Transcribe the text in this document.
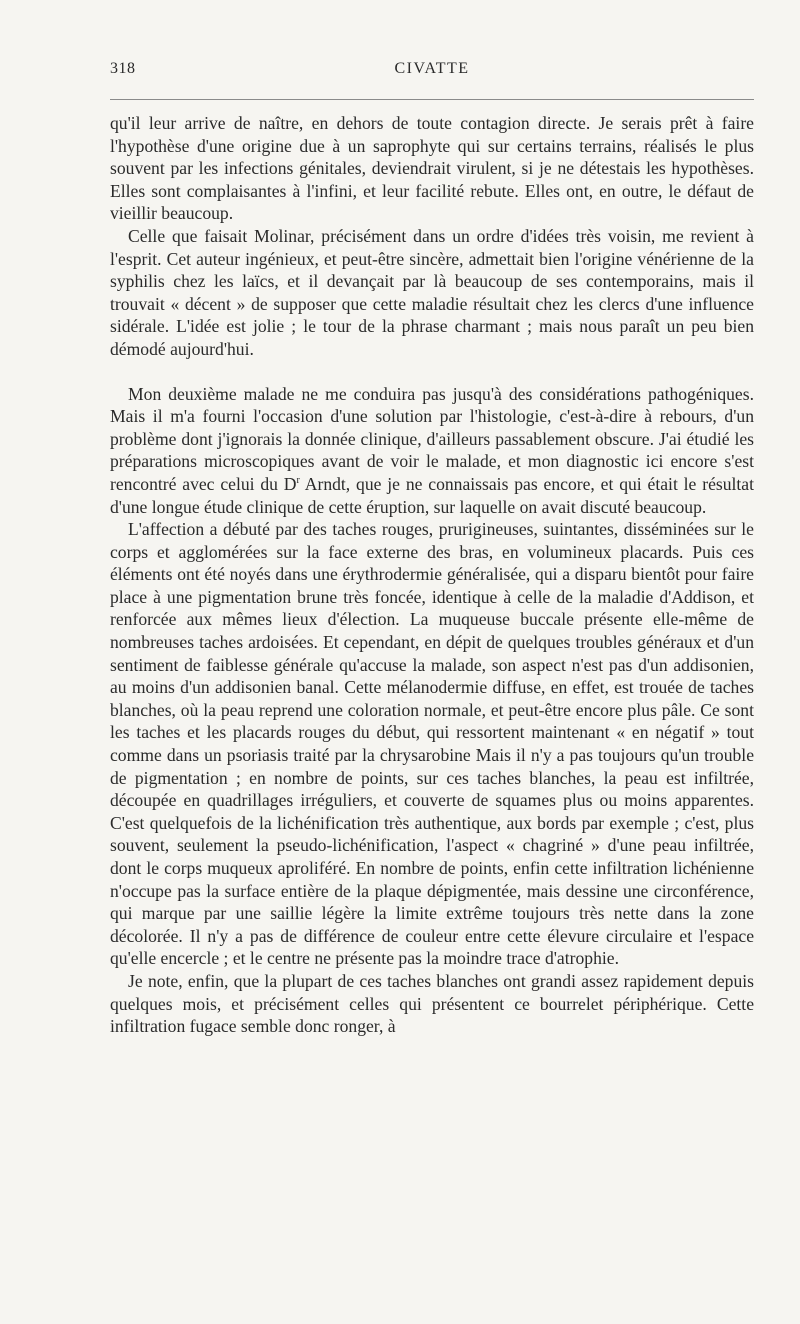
318	CIVATTE

qu'il leur arrive de naître, en dehors de toute contagion directe. Je serais prêt à faire l'hypothèse d'une origine due à un saprophyte qui sur certains terrains, réalisés le plus souvent par les infections génitales, deviendrait virulent, si je ne détestais les hypothèses. Elles sont complaisantes à l'infini, et leur facilité rebute. Elles ont, en outre, le défaut de vieillir beaucoup.

Celle que faisait Molinar, précisément dans un ordre d'idées très voisin, me revient à l'esprit. Cet auteur ingénieux, et peut-être sincère, admettait bien l'origine vénérienne de la syphilis chez les laïcs, et il devançait par là beaucoup de ses contemporains, mais il trouvait « décent » de supposer que cette maladie résultait chez les clercs d'une influence sidérale. L'idée est jolie ; le tour de la phrase charmant ; mais nous paraît un peu bien démodé aujourd'hui.

Mon deuxième malade ne me conduira pas jusqu'à des considérations pathogéniques. Mais il m'a fourni l'occasion d'une solution par l'histologie, c'est-à-dire à rebours, d'un problème dont j'ignorais la donnée clinique, d'ailleurs passablement obscure. J'ai étudié les préparations microscopiques avant de voir le malade, et mon diagnostic ici encore s'est rencontré avec celui du $D^r$ Arndt, que je ne connaissais pas encore, et qui était le résultat d'une longue étude clinique de cette éruption, sur laquelle on avait discuté beaucoup.

L'affection a débuté par des taches rouges, prurigineuses, suintantes, disséminées sur le corps et agglomérées sur la face externe des bras, en volumineux placards. Puis ces éléments ont été noyés dans une érythrodermie généralisée, qui a disparu bientôt pour faire place à une pigmentation brune très foncée, identique à celle de la maladie d'Addison, et renforcée aux mêmes lieux d'élection. La muqueuse buccale présente elle-même de nombreuses taches ardoisées. Et cependant, en dépit de quelques troubles généraux et d'un sentiment de faiblesse générale qu'accuse la malade, son aspect n'est pas d'un addisonien, au moins d'un addisonien banal. Cette mélanodermie diffuse, en effet, est trouée de taches blanches, où la peau reprend une coloration normale, et peut-être encore plus pâle. Ce sont les taches et les placards rouges du début, qui ressortent maintenant « en négatif » tout comme dans un psoriasis traité par la chrysarobine Mais il n'y a pas toujours qu'un trouble de pigmentation ; en nombre de points, sur ces taches blanches, la peau est infiltrée, découpée en quadrillages irréguliers, et couverte de squames plus ou moins apparentes. C'est quelquefois de la lichénification très authentique, aux bords par exemple ; c'est, plus souvent, seulement la pseudo-lichénification, l'aspect « chagriné » d'une peau infiltrée, dont le corps muqueux aproliféré. En nombre de points, enfin cette infiltration lichénienne n'occupe pas la surface entière de la plaque dépigmentée, mais dessine une circonférence, qui marque par une saillie légère la limite extrême toujours très nette dans la zone décolorée. Il n'y a pas de différence de couleur entre cette élevure circulaire et l'espace qu'elle encercle ; et le centre ne présente pas la moindre trace d'atrophie.

Je note, enfin, que la plupart de ces taches blanches ont grandi assez rapidement depuis quelques mois, et précisément celles qui présentent ce bourrelet périphérique. Cette infiltration fugace semble donc ronger, à
